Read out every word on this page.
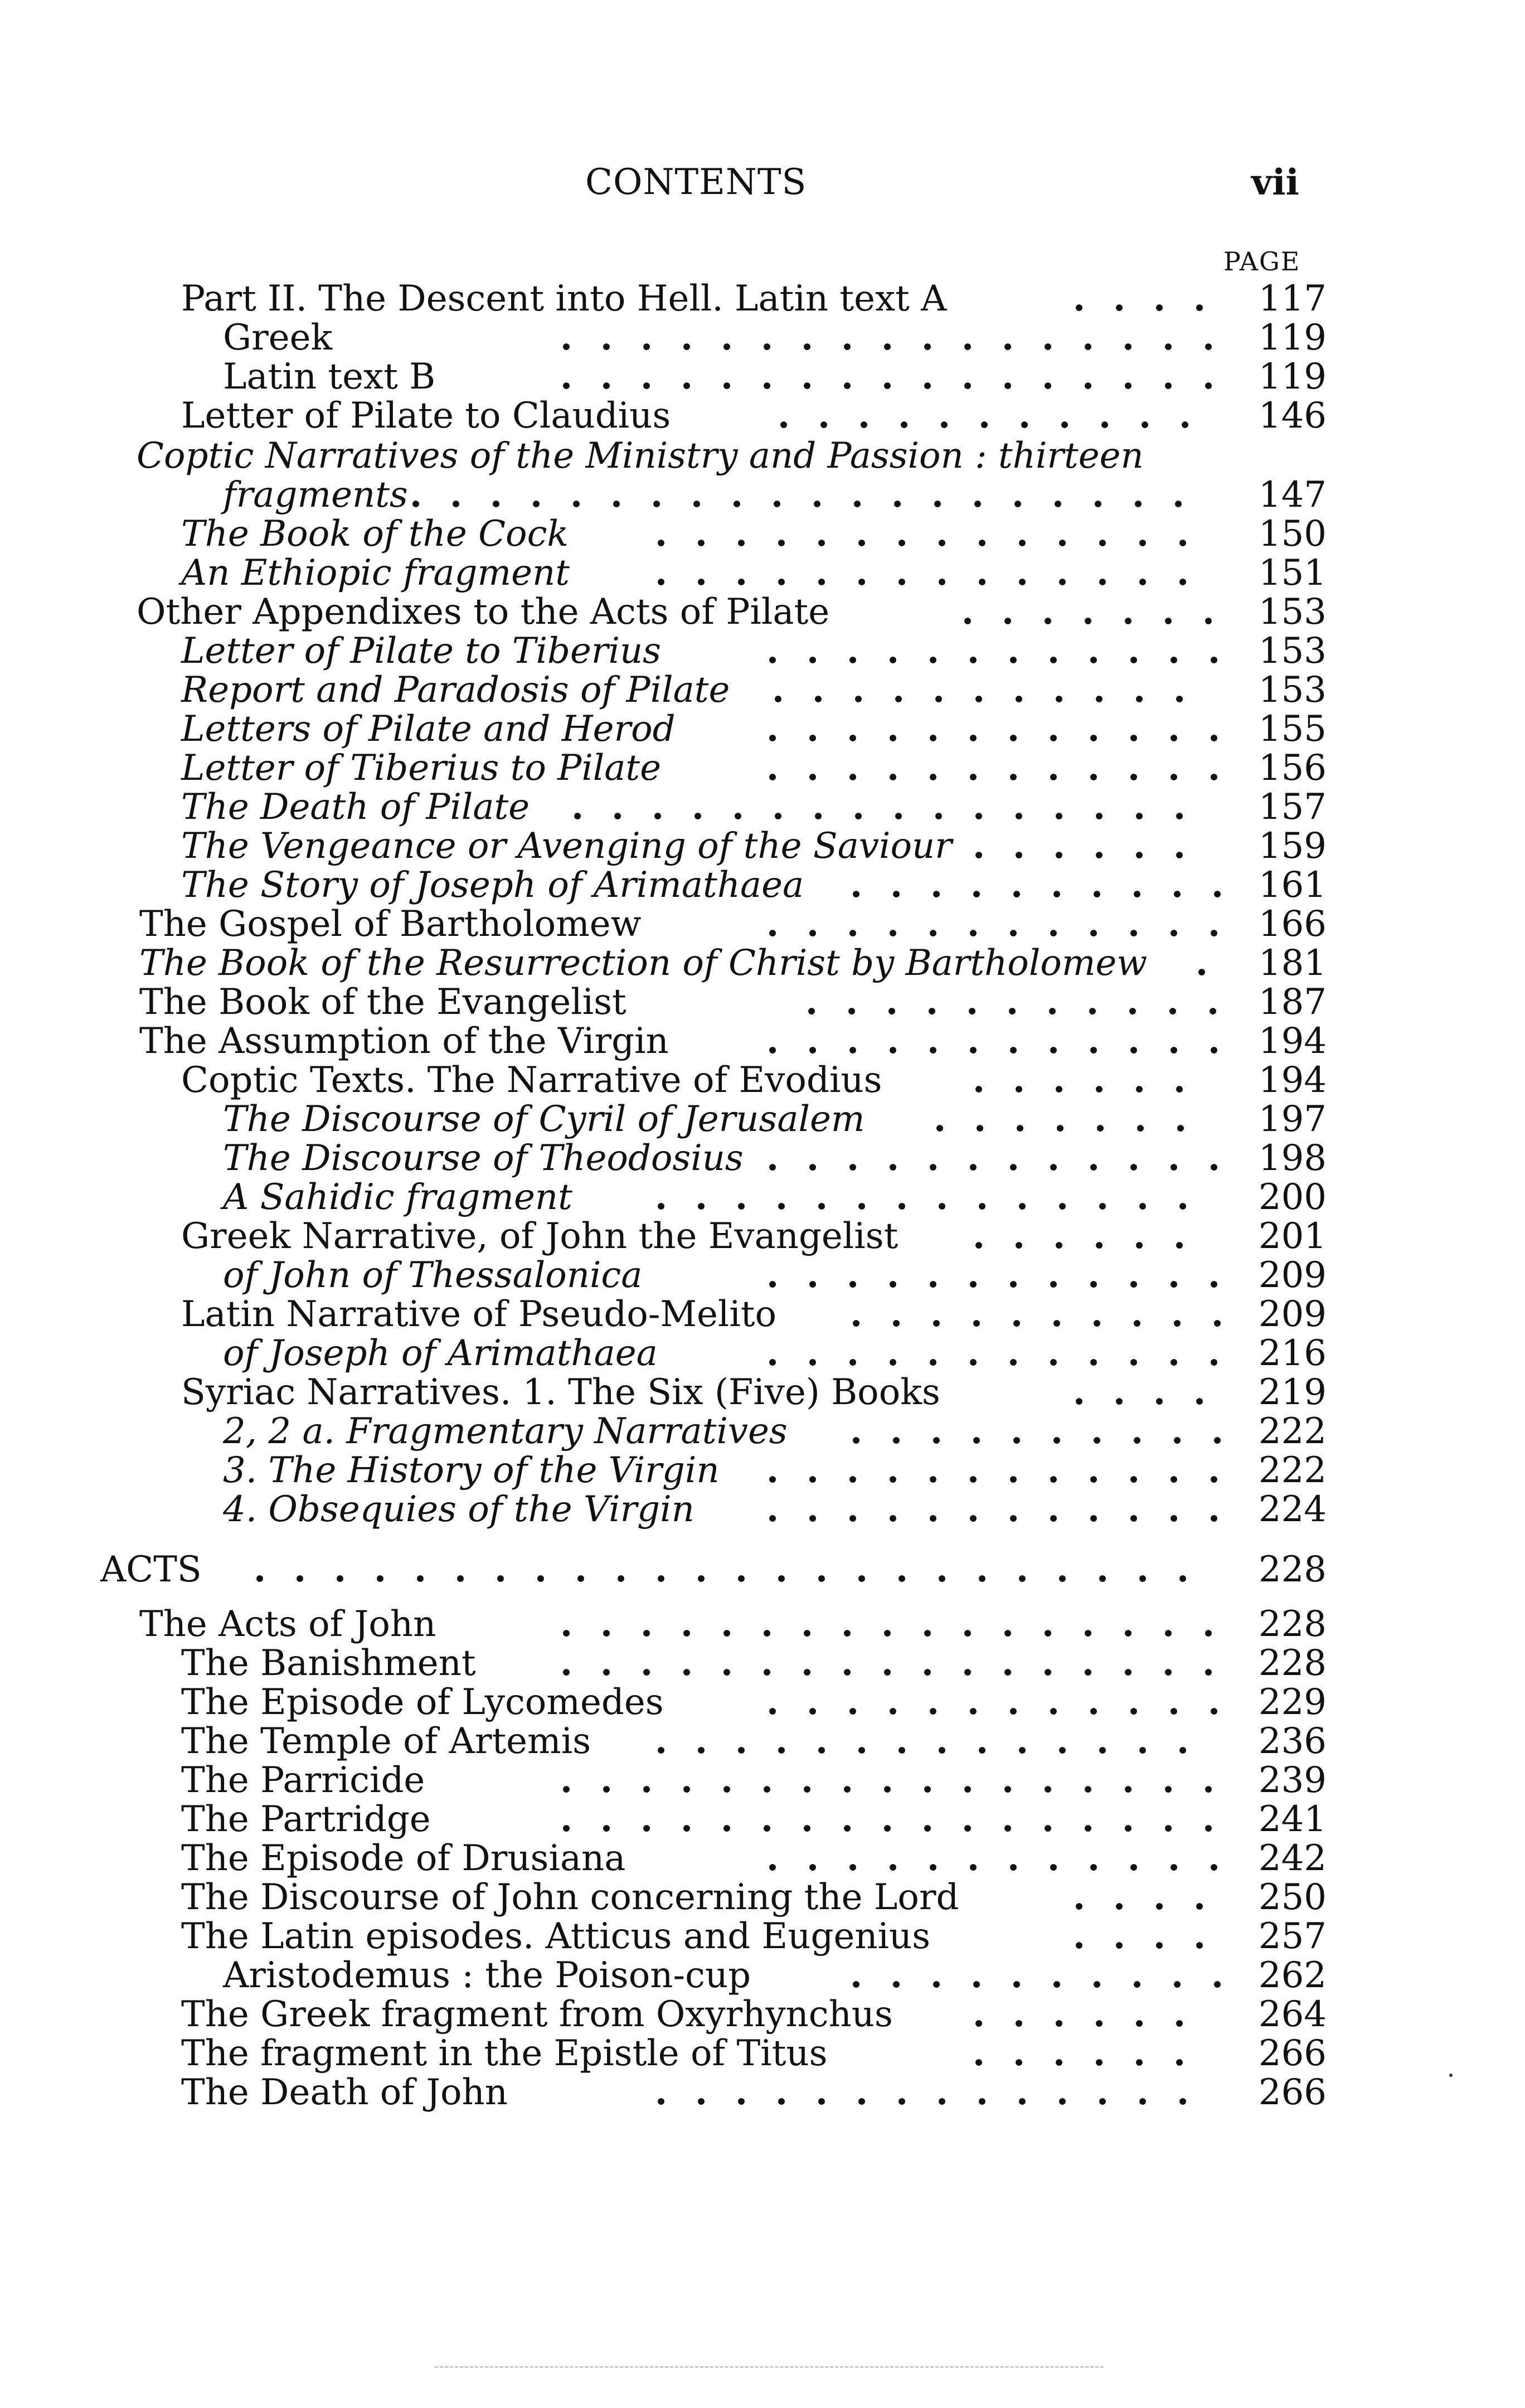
CONTENTS	vii
PAGE
Part II. The Descent into Hell. Latin text A	. . . .	117
Greek	. . . . . . . . . . . . . . . . .	119
Latin text B	. . . . . . . . . . . . . . . . .	119
Letter of Pilate to Claudius	. . . . . . . . . . .	146
Coptic Narratives of the Ministry and Passion : thirteen
fragments . . . . . . . . . . . . . . . . . . . .	147
The Book of the Cock	. . . . . . . . . . . . . .	150
An Ethiopic fragment	. . . . . . . . . . . . . .	151
Other Appendixes to the Acts of Pilate	. . . . . . .	153
Letter of Pilate to Tiberius	. . . . . . . . . . . .	153
Report and Paradosis of Pilate	. . . . . . . . . . .	153
Letters of Pilate and Herod	. . . . . . . . . . . .	155
Letter of Tiberius to Pilate	. . . . . . . . . . . .	156
The Death of Pilate	. . . . . . . . . . . . . . . .	157
The Vengeance or Avenging of the Saviour . . . . . .	159
The Story of Joseph of Arimathaea	. . . . . . . . . . 161
The Gospel of Bartholomew	. . . . . . . . . . . .	166
The Book of the Resurrection of Christ by Bartholomew	.	181
The Book of the Evangelist	. . . . . . . . . . .	187
The Assumption of the Virgin	. . . . . . . . . . . .	194
Coptic Texts. The Narrative of Evodius	. . . . . .	194
The Discourse of Cyril of Jerusalem	. . . . . . .	197
The Discourse of Theodosius . . . . . . . . . . . .	198
A Sahidic fragment	. . . . . . . . . . . . . .	200
Greek Narrative, of John the Evangelist	. . . . . .	201
of John of Thessalonica	. . . . . . . . . . . .	209
Latin Narrative of Pseudo-Melito	. . . . . . . . . . 209
of Joseph of Arimathaea	. . . . . . . . . . . .	216
Syriac Narratives. 1. The Six (Five) Books	. . . .	219
2, 2 a. Fragmentary Narratives	. . . . . . . . . . 222
3. The History of the Virgin	. . . . . . . . . . . .	222
4. Obsequies of the Virgin	. . . . . . . . . . . .	224
ACTS	. . . . . . . . . . . . . . . . . . . . . . . .	228
The Acts of John	. . . . . . . . . . . . . . . . .	228
The Banishment	. . . . . . . . . . . . . . . . .	228
The Episode of Lycomedes	. . . . . . . . . . . .	229
The Temple of Artemis	. . . . . . . . . . . . . .	236
The Parricide	. . . . . . . . . . . . . . . . .	239
The Partridge	. . . . . . . . . . . . . . . . .	241
The Episode of Drusiana	. . . . . . . . . . . .	242
The Discourse of John concerning the Lord	. . . .	250
The Latin episodes. Atticus and Eugenius	. . . .	257
Aristodemus : the Poison-cup	. . . . . . . . . . 262
The Greek fragment from Oxyrhynchus	. . . . . .	264
The fragment in the Epistle of Titus	. . . . . .	266
The Death of John	. . . . . . . . . . . . . .	266
